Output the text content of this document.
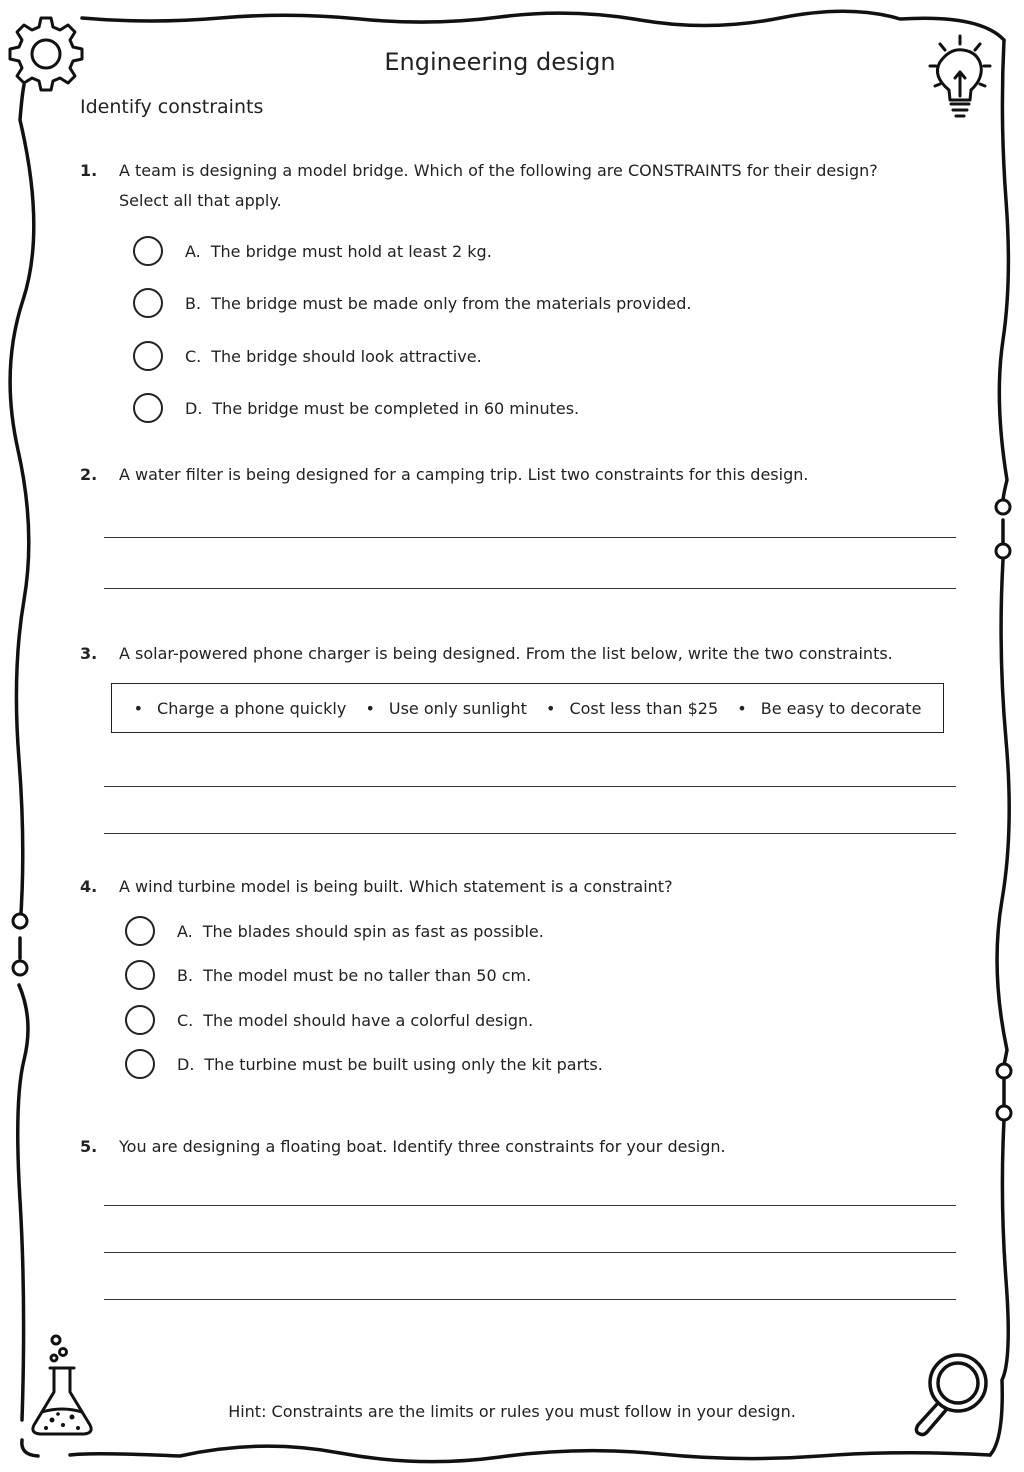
Engineering design
Identify constraints
1. A team is designing a model bridge. Which of the following are CONSTRAINTS for their design?
Select all that apply.
A. The bridge must hold at least 2 kg.
B. The bridge must be made only from the materials provided.
C. The bridge should look attractive.
D. The bridge must be completed in 60 minutes.
2. A water filter is being designed for a camping trip. List two constraints for this design.
3. A solar-powered phone charger is being designed. From the list below, write the two constraints.
• Charge a phone quickly • Use only sunlight • Cost less than $25 • Be easy to decorate
4. A wind turbine model is being built. Which statement is a constraint?
A. The blades should spin as fast as possible.
B. The model must be no taller than 50 cm.
C. The model should have a colorful design.
D. The turbine must be built using only the kit parts.
5. You are designing a floating boat. Identify three constraints for your design.
Hint: Constraints are the limits or rules you must follow in your design.
